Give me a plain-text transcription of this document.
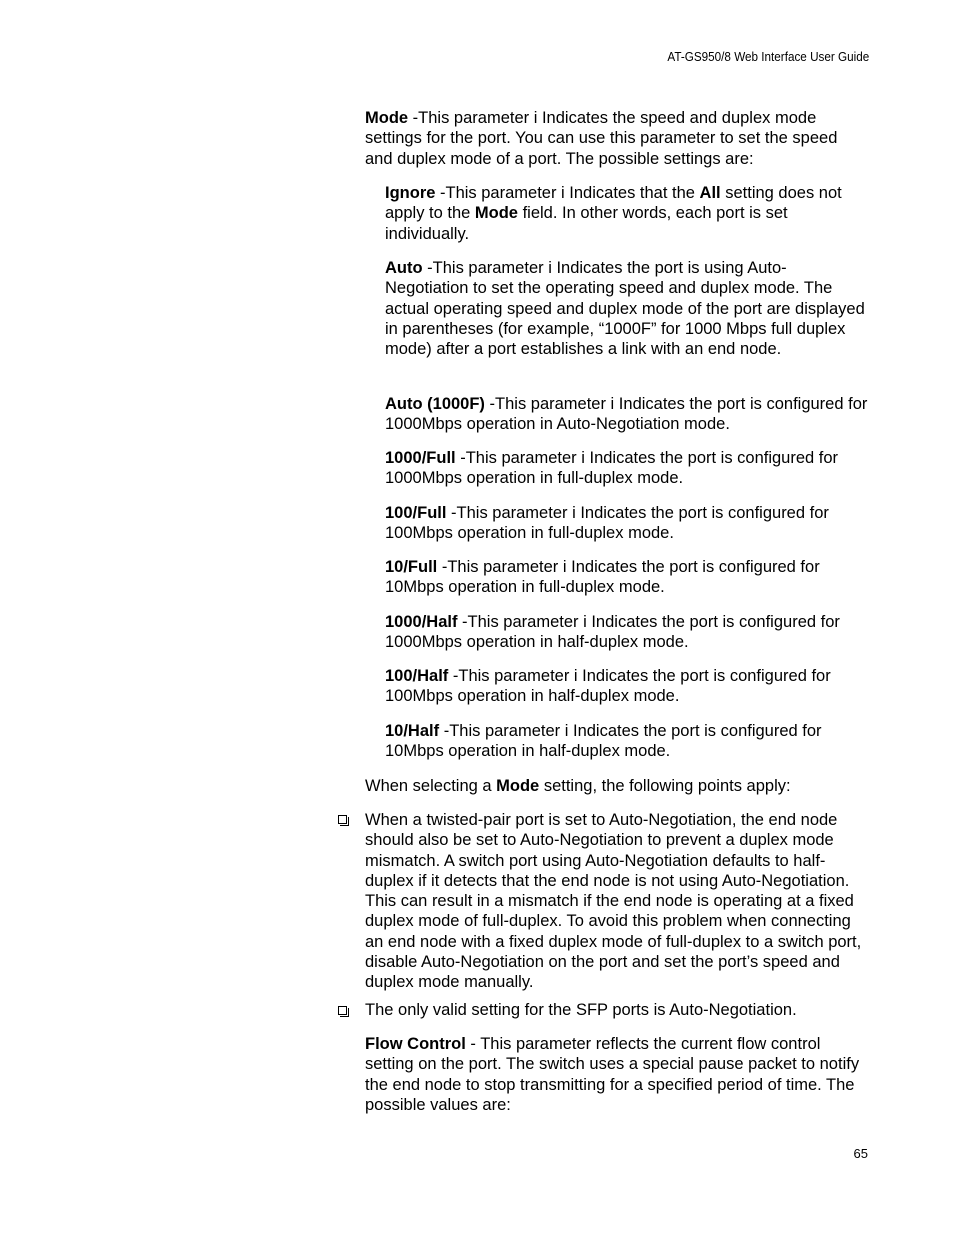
AT-GS950/8 Web Interface User Guide
Mode -This parameter i Indicates the speed and duplex mode settings for the port. You can use this parameter to set the speed and duplex mode of a port. The possible settings are:
Ignore -This parameter i Indicates that the All setting does not apply to the Mode field. In other words, each port is set individually.
Auto -This parameter i Indicates the port is using Auto-Negotiation to set the operating speed and duplex mode. The actual operating speed and duplex mode of the port are displayed in parentheses (for example, “1000F” for 1000 Mbps full duplex mode) after a port establishes a link with an end node.
Auto (1000F) -This parameter i Indicates the port is configured for 1000Mbps operation in Auto-Negotiation mode.
1000/Full -This parameter i Indicates the port is configured for 1000Mbps operation in full-duplex mode.
100/Full -This parameter i Indicates the port is configured for 100Mbps operation in full-duplex mode.
10/Full -This parameter i Indicates the port is configured for 10Mbps operation in full-duplex mode.
1000/Half -This parameter i Indicates the port is configured for 1000Mbps operation in half-duplex mode.
100/Half -This parameter i Indicates the port is configured for 100Mbps operation in half-duplex mode.
10/Half -This parameter i Indicates the port is configured for 10Mbps operation in half-duplex mode.
When selecting a Mode setting, the following points apply:
When a twisted-pair port is set to Auto-Negotiation, the end node should also be set to Auto-Negotiation to prevent a duplex mode mismatch. A switch port using Auto-Negotiation defaults to half-duplex if it detects that the end node is not using Auto-Negotiation. This can result in a mismatch if the end node is operating at a fixed duplex mode of full-duplex. To avoid this problem when connecting an end node with a fixed duplex mode of full-duplex to a switch port, disable Auto-Negotiation on the port and set the port’s speed and duplex mode manually.
The only valid setting for the SFP ports is Auto-Negotiation.
Flow Control - This parameter reflects the current flow control setting on the port. The switch uses a special pause packet to notify the end node to stop transmitting for a specified period of time. The possible values are:
65
